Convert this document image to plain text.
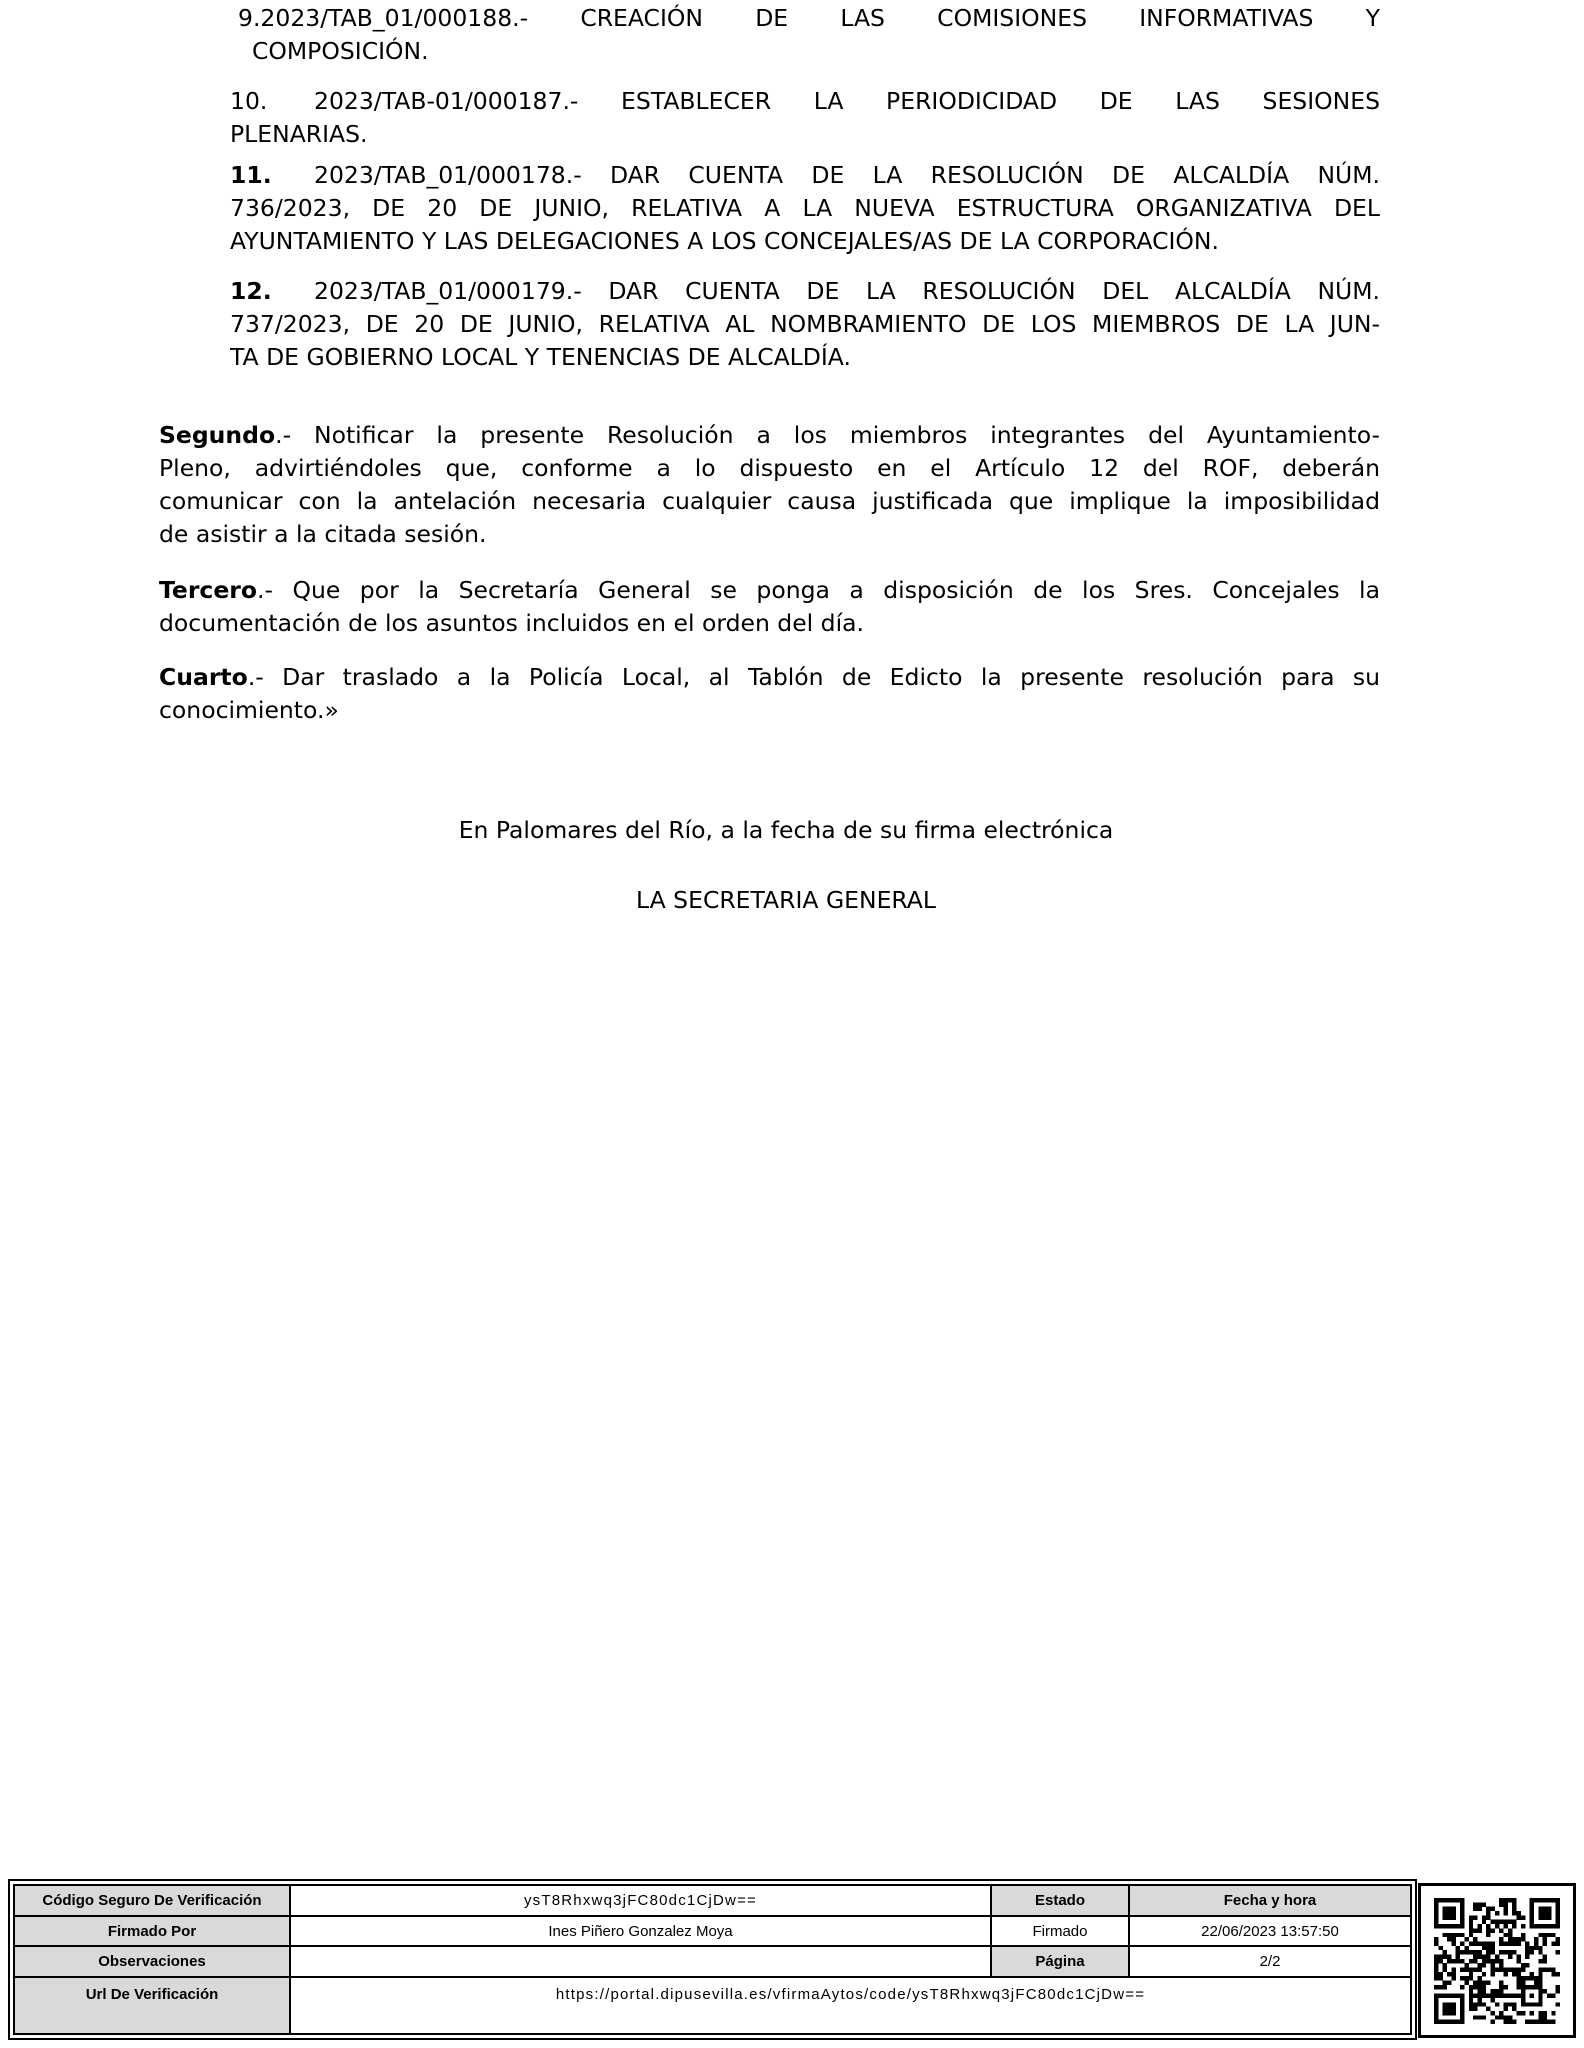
9.2023/TAB_01/000188.- CREACIÓN DE LAS COMISIONES INFORMATIVAS Y
COMPOSICIÓN.
10. 2023/TAB-01/000187.- ESTABLECER LA PERIODICIDAD DE LAS SESIONES
PLENARIAS.
11. 2023/TAB_01/000178.- DAR CUENTA DE LA RESOLUCIÓN DE ALCALDÍA NÚM.
736/2023, DE 20 DE JUNIO, RELATIVA A LA NUEVA ESTRUCTURA ORGANIZATIVA DEL
AYUNTAMIENTO Y LAS DELEGACIONES A LOS CONCEJALES/AS DE LA CORPORACIÓN.
12. 2023/TAB_01/000179.- DAR CUENTA DE LA RESOLUCIÓN DEL ALCALDÍA NÚM.
737/2023, DE 20 DE JUNIO, RELATIVA AL NOMBRAMIENTO DE LOS MIEMBROS DE LA JUN-
TA DE GOBIERNO LOCAL Y TENENCIAS DE ALCALDÍA.
Segundo.- Notificar la presente Resolución a los miembros integrantes del Ayuntamiento-
Pleno, advirtiéndoles que, conforme a lo dispuesto en el Artículo 12 del ROF, deberán
comunicar con la antelación necesaria cualquier causa justificada que implique la imposibilidad
de asistir a la citada sesión.
Tercero.- Que por la Secretaría General se ponga a disposición de los Sres. Concejales la
documentación de los asuntos incluidos en el orden del día.
Cuarto.- Dar traslado a la Policía Local, al Tablón de Edicto la presente resolución para su
conocimiento.»
En Palomares del Río, a la fecha de su firma electrónica
LA SECRETARIA GENERAL
Código Seguro De Verificación	ysT8Rhxwq3jFC80dc1CjDw==	Estado	Fecha y hora
Firmado Por	Ines Piñero Gonzalez Moya	Firmado	22/06/2023 13:57:50
Observaciones		Página	2/2
Url De Verificación	https://portal.dipusevilla.es/vfirmaAytos/code/ysT8Rhxwq3jFC80dc1CjDw==		
